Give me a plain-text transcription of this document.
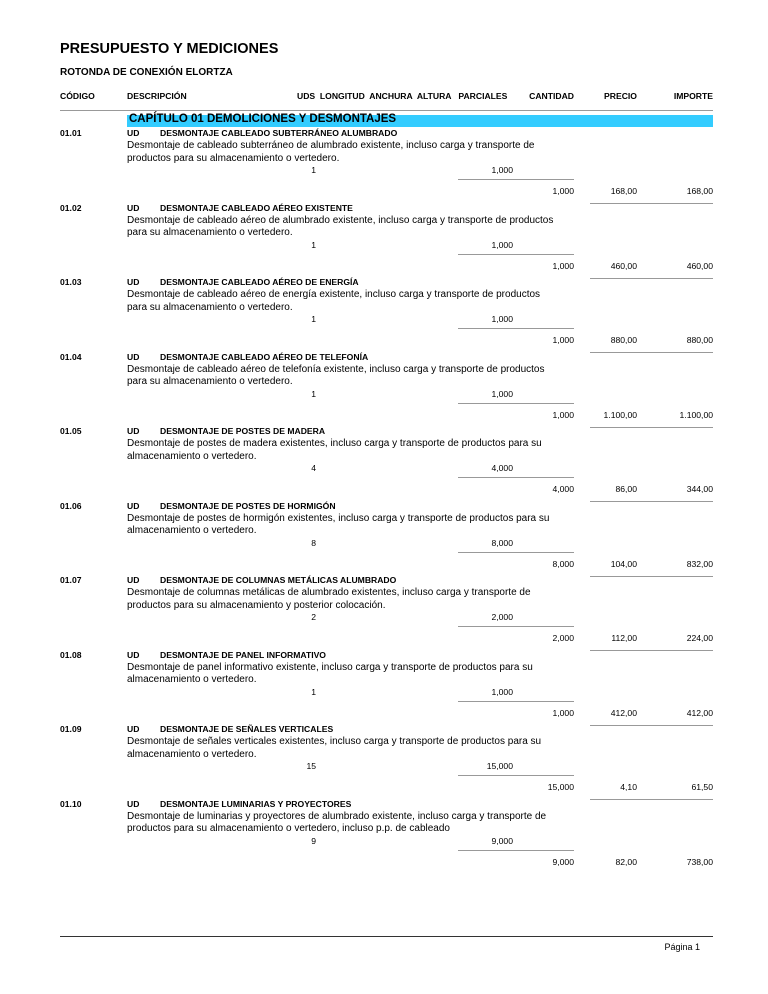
PRESUPUESTO Y MEDICIONES
ROTONDA DE CONEXIÓN ELORTZA
CÓDIGO	DESCRIPCIÓN	UDS  LONGITUD  ANCHURA  ALTURA   PARCIALES	CANTIDAD	PRECIO	IMPORTE
CAPÍTULO 01 DEMOLICIONES Y DESMONTAJES
01.01	UD DESMONTAJE CABLEADO SUBTERRÁNEO ALUMBRADO
Desmontaje de cableado subterráneo de alumbrado existente, incluso carga y transporte de productos para su almacenamiento o vertedero.
1	1,000
1,000	168,00	168,00
01.02	UD DESMONTAJE CABLEADO AÉREO EXISTENTE
Desmontaje de cableado aéreo de alumbrado existente, incluso carga y transporte de productos para su almacenamiento o vertedero.
1	1,000
1,000	460,00	460,00
01.03	UD DESMONTAJE CABLEADO AÉREO DE ENERGÍA
Desmontaje de cableado aéreo de energía existente, incluso carga y transporte de productos para su almacenamiento o vertedero.
1	1,000
1,000	880,00	880,00
01.04	UD DESMONTAJE CABLEADO AÉREO DE TELEFONÍA
Desmontaje de cableado aéreo de telefonía existente, incluso carga y transporte de productos para su almacenamiento o vertedero.
1	1,000
1,000	1.100,00	1.100,00
01.05	UD DESMONTAJE DE POSTES DE MADERA
Desmontaje de postes de madera existentes, incluso carga y transporte de productos para su almacenamiento o vertedero.
4	4,000
4,000	86,00	344,00
01.06	UD DESMONTAJE DE POSTES DE HORMIGÓN
Desmontaje de postes de hormigón existentes, incluso carga y transporte de productos para su almacenamiento o vertedero.
8	8,000
8,000	104,00	832,00
01.07	UD DESMONTAJE DE COLUMNAS METÁLICAS ALUMBRADO
Desmontaje de columnas metálicas de alumbrado existentes, incluso carga y transporte de productos para su almacenamiento y posterior colocación.
2	2,000
2,000	112,00	224,00
01.08	UD DESMONTAJE DE PANEL INFORMATIVO
Desmontaje de panel informativo existente, incluso carga y transporte de productos para su almacenamiento o vertedero.
1	1,000
1,000	412,00	412,00
01.09	UD DESMONTAJE DE SEÑALES VERTICALES
Desmontaje de señales verticales existentes, incluso carga y transporte de productos para su almacenamiento o vertedero.
15	15,000
15,000	4,10	61,50
01.10	UD DESMONTAJE LUMINARIAS Y PROYECTORES
Desmontaje de luminarias y proyectores de alumbrado existente, incluso carga y transporte de productos para su almacenamiento o vertedero, incluso p.p. de cableado
9	9,000
9,000	82,00	738,00
Página 1
